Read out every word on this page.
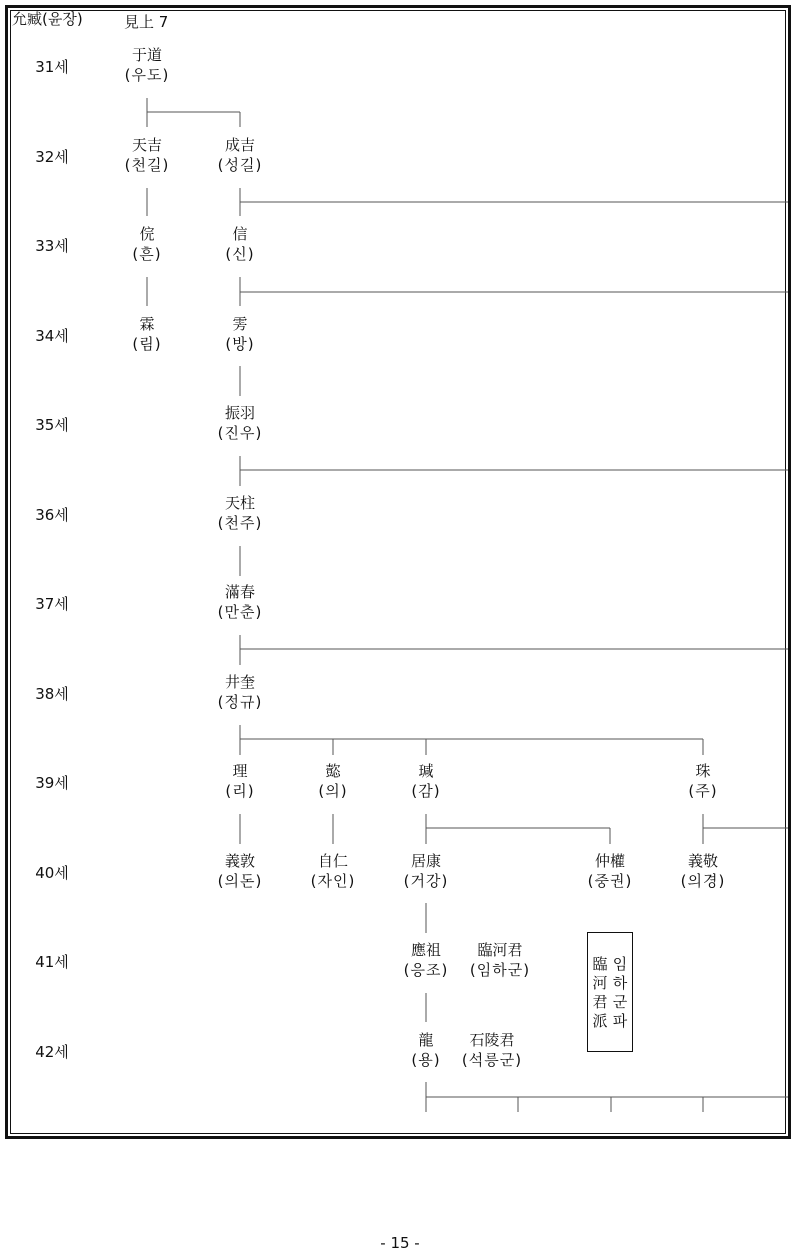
允臧(윤장)	見上 7
31세
32세
33세
34세
35세
36세
37세
38세
39세
40세
41세
42세
于道
(우도)
天吉
(천길)
成吉
(성길)
俒
(흔)
信
(신)
霖
(림)
雱
(방)
振羽
(진우)
天柱
(천주)
滿春
(만춘)
井奎
(정규)
理
(리)
㦤
(의)
瑊
(감)
珠
(주)
義敦
(의돈)
自仁
(자인)
居康
(거강)
仲權
(중권)
義敬
(의경)
應祖
(응조)
臨河君
(임하군)
龍
(용)
石陵君
(석릉군)
臨河君派
임하군파
- 15 -
